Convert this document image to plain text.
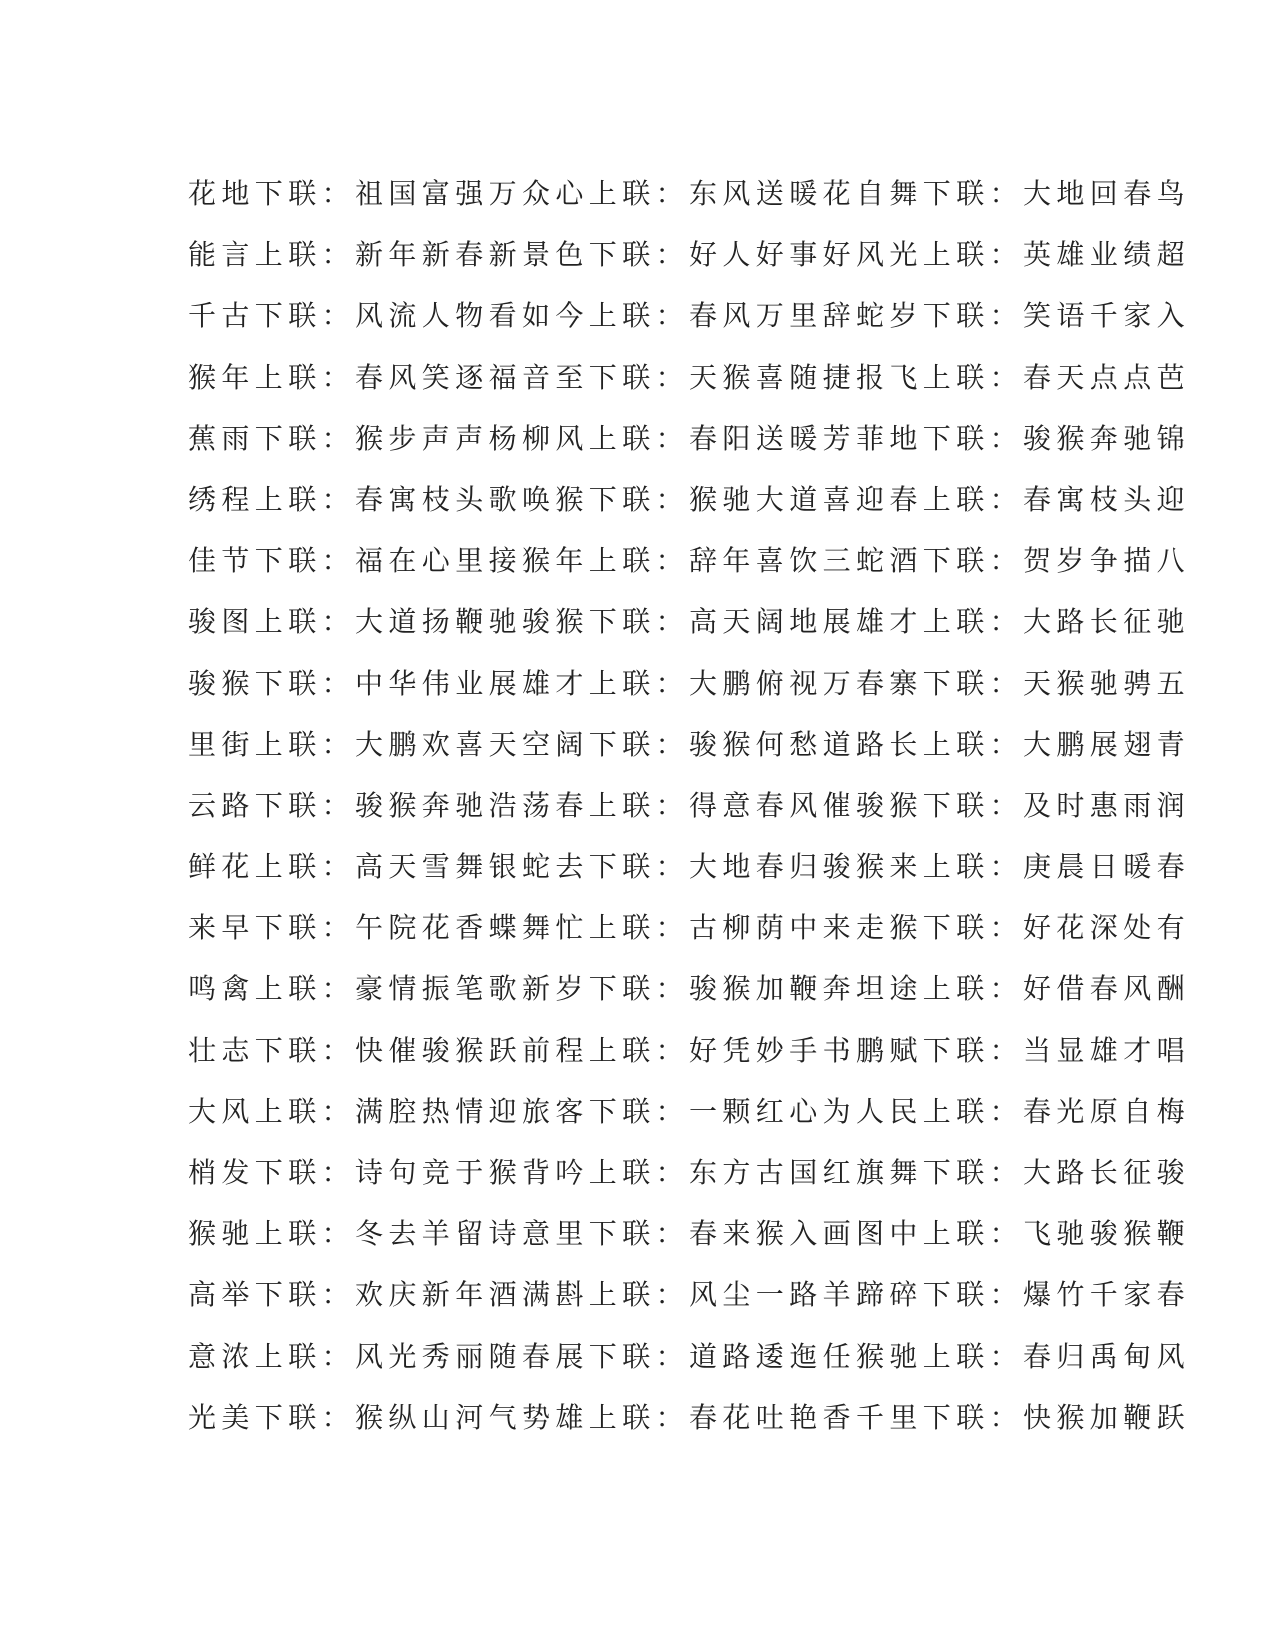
花地下联：祖国富强万众心上联：东风送暖花自舞下联：大地回春鸟
能言上联：新年新春新景色下联：好人好事好风光上联：英雄业绩超
千古下联：风流人物看如今上联：春风万里辞蛇岁下联：笑语千家入
猴年上联：春风笑逐福音至下联：天猴喜随捷报飞上联：春天点点芭
蕉雨下联：猴步声声杨柳风上联：春阳送暖芳菲地下联：骏猴奔驰锦
绣程上联：春寓枝头歌唤猴下联：猴驰大道喜迎春上联：春寓枝头迎
佳节下联：福在心里接猴年上联：辞年喜饮三蛇酒下联：贺岁争描八
骏图上联：大道扬鞭驰骏猴下联：高天阔地展雄才上联：大路长征驰
骏猴下联：中华伟业展雄才上联：大鹏俯视万春寨下联：天猴驰骋五
里街上联：大鹏欢喜天空阔下联：骏猴何愁道路长上联：大鹏展翅青
云路下联：骏猴奔驰浩荡春上联：得意春风催骏猴下联：及时惠雨润
鲜花上联：高天雪舞银蛇去下联：大地春归骏猴来上联：庚晨日暖春
来早下联：午院花香蝶舞忙上联：古柳荫中来走猴下联：好花深处有
鸣禽上联：豪情振笔歌新岁下联：骏猴加鞭奔坦途上联：好借春风酬
壮志下联：快催骏猴跃前程上联：好凭妙手书鹏赋下联：当显雄才唱
大风上联：满腔热情迎旅客下联：一颗红心为人民上联：春光原自梅
梢发下联：诗句竞于猴背吟上联：东方古国红旗舞下联：大路长征骏
猴驰上联：冬去羊留诗意里下联：春来猴入画图中上联：飞驰骏猴鞭
高举下联：欢庆新年酒满斟上联：风尘一路羊蹄碎下联：爆竹千家春
意浓上联：风光秀丽随春展下联：道路逶迤任猴驰上联：春归禹甸风
光美下联：猴纵山河气势雄上联：春花吐艳香千里下联：快猴加鞭跃
